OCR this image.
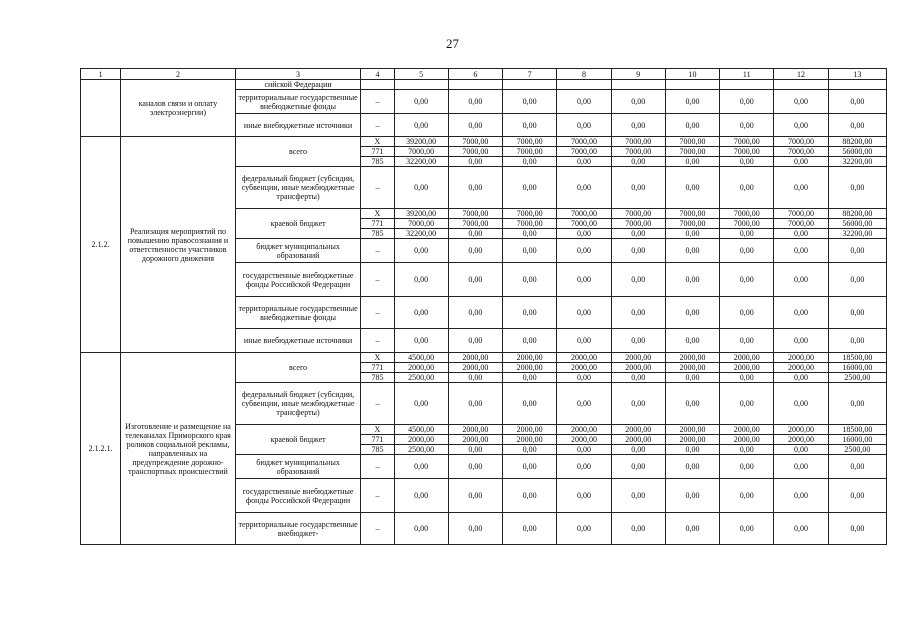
27
1	2	3	4	5	6	7	8	9	10	11	12	13
	каналов связи и оплату электроэнергии)	сийской Федерации										
		территориальные государственные внебюджетные фонды	–	0,00	0,00	0,00	0,00	0,00	0,00	0,00	0,00	0,00
		иные внебюджетные источники	–	0,00	0,00	0,00	0,00	0,00	0,00	0,00	0,00	0,00
2.1.2.	Реализация мероприятий по повышению правосознания и ответственности участников дорожного движения	всего	X	39200,00	7000,00	7000,00	7000,00	7000,00	7000,00	7000,00	7000,00	88200,00
			771	7000,00	7000,00	7000,00	7000,00	7000,00	7000,00	7000,00	7000,00	56000,00
			785	32200,00	0,00	0,00	0,00	0,00	0,00	0,00	0,00	32200,00
		федеральный бюджет (субсидии, субвенции, иные межбюджетные трансферты)	–	0,00	0,00	0,00	0,00	0,00	0,00	0,00	0,00	0,00
		краевой бюджет	X	39200,00	7000,00	7000,00	7000,00	7000,00	7000,00	7000,00	7000,00	88200,00
			771	7000,00	7000,00	7000,00	7000,00	7000,00	7000,00	7000,00	7000,00	56000,00
			785	32200,00	0,00	0,00	0,00	0,00	0,00	0,00	0,00	32200,00
		бюджет муниципальных образований	–	0,00	0,00	0,00	0,00	0,00	0,00	0,00	0,00	0,00
		государственные внебюджетные фонды Российской Федерации	–	0,00	0,00	0,00	0,00	0,00	0,00	0,00	0,00	0,00
		территориальные государственные внебюджетные фонды	–	0,00	0,00	0,00	0,00	0,00	0,00	0,00	0,00	0,00
		иные внебюджетные источники	–	0,00	0,00	0,00	0,00	0,00	0,00	0,00	0,00	0,00
2.1.2.1.	Изготовление и размещение на телеканалах Приморского края роликов социальной рекламы, направленных на предупреждение дорожно-транспортных происшествий	всего	X	4500,00	2000,00	2000,00	2000,00	2000,00	2000,00	2000,00	2000,00	18500,00
			771	2000,00	2000,00	2000,00	2000,00	2000,00	2000,00	2000,00	2000,00	16000,00
			785	2500,00	0,00	0,00	0,00	0,00	0,00	0,00	0,00	2500,00
		федеральный бюджет (субсидии, субвенции, иные межбюджетные трансферты)	–	0,00	0,00	0,00	0,00	0,00	0,00	0,00	0,00	0,00
		краевой бюджет	X	4500,00	2000,00	2000,00	2000,00	2000,00	2000,00	2000,00	2000,00	18500,00
			771	2000,00	2000,00	2000,00	2000,00	2000,00	2000,00	2000,00	2000,00	16000,00
			785	2500,00	0,00	0,00	0,00	0,00	0,00	0,00	0,00	2500,00
		бюджет муниципальных образований	–	0,00	0,00	0,00	0,00	0,00	0,00	0,00	0,00	0,00
		государственные внебюджетные фонды Российской Федерации	–	0,00	0,00	0,00	0,00	0,00	0,00	0,00	0,00	0,00
		территориальные государственные внебюджет-	–	0,00	0,00	0,00	0,00	0,00	0,00	0,00	0,00	0,00
